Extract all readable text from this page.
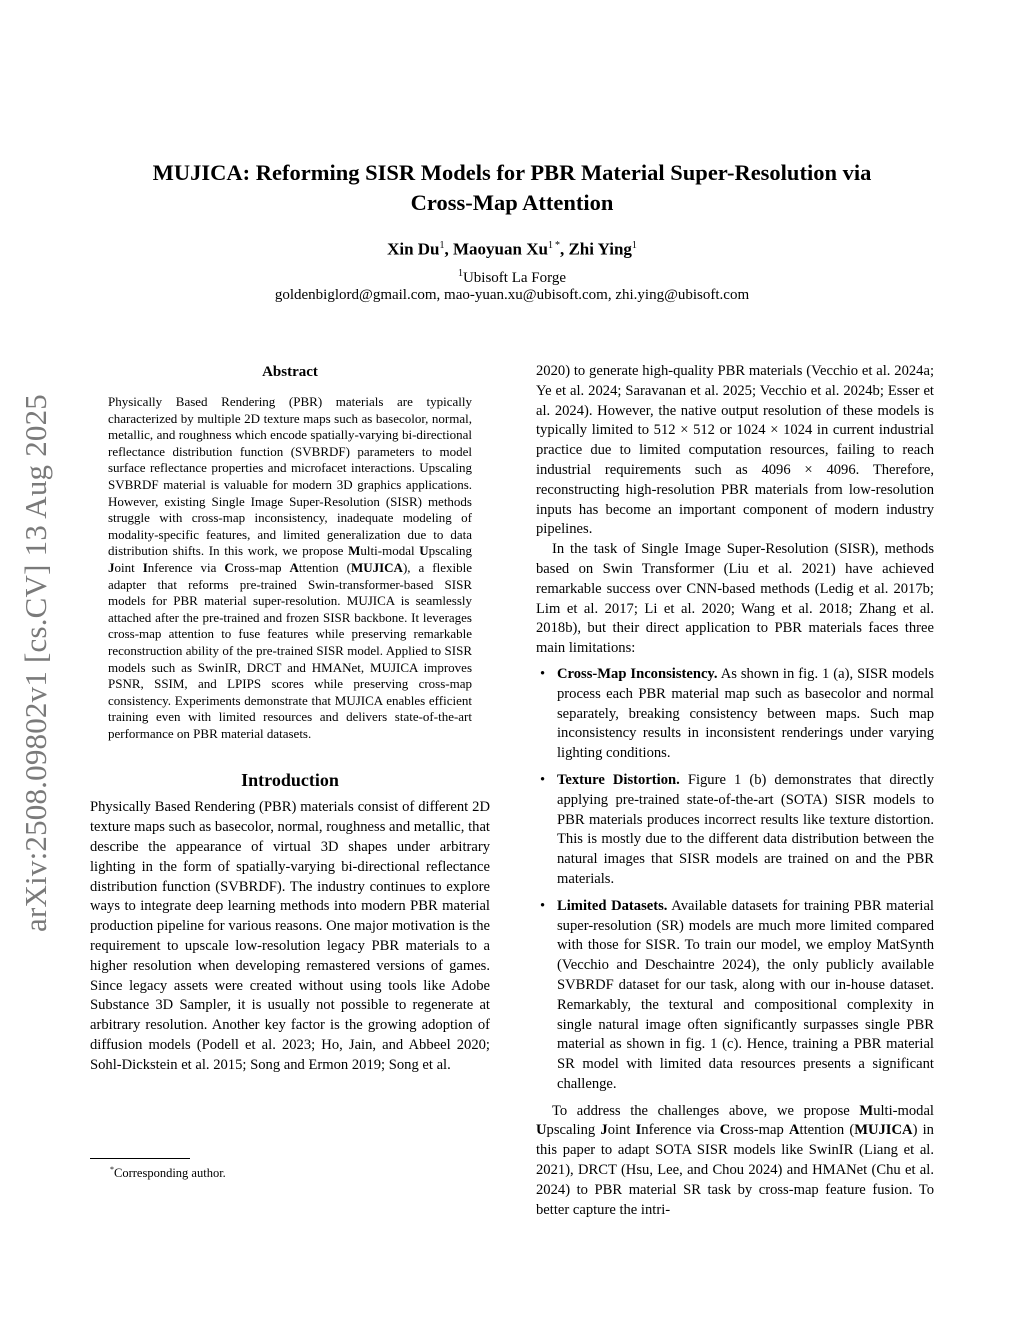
arXiv:2508.09802v1 [cs.CV] 13 Aug 2025
MUJICA: Reforming SISR Models for PBR Material Super-Resolution via
Cross-Map Attention
Xin Du$^1$, Maoyuan $Xu^{1 *}$, Zhi Ying$^1$
$^1$Ubisoft La Forge
goldenbiglord@gmail.com, mao-yuan.xu@ubisoft.com, zhi.ying@ubisoft.com
Abstract

Physically Based Rendering (PBR) materials are typically characterized by multiple 2D texture maps such as basecolor, normal, metallic, and roughness which encode spatially-varying bi-directional reflectance distribution function (SVBRDF) parameters to model surface reflectance properties and microfacet interactions. Upscaling SVBRDF material is valuable for modern 3D graphics applications. However, existing Single Image Super-Resolution (SISR) methods struggle with cross-map inconsistency, inadequate modeling of modality-specific features, and limited generalization due to data distribution shifts. In this work, we propose Multi-modal Upscaling Joint Inference via Cross-map Attention (MUJICA), a flexible adapter that reforms pre-trained Swin-transformer-based SISR models for PBR material super-resolution. MUJICA is seamlessly attached after the pre-trained and frozen SISR backbone. It leverages cross-map attention to fuse features while preserving remarkable reconstruction ability of the pre-trained SISR model. Applied to SISR models such as SwinIR, DRCT and HMANet, MUJICA improves PSNR, SSIM, and LPIPS scores while preserving cross-map consistency. Experiments demonstrate that MUJICA enables efficient training even with limited resources and delivers state-of-the-art performance on PBR material datasets.

Introduction

Physically Based Rendering (PBR) materials consist of different 2D texture maps such as basecolor, normal, roughness and metallic, that describe the appearance of virtual 3D shapes under arbitrary lighting in the form of spatially-varying bi-directional reflectance distribution function (SVBRDF). The industry continues to explore ways to integrate deep learning methods into modern PBR material production pipeline for various reasons. One major motivation is the requirement to upscale low-resolution legacy PBR materials to a higher resolution when developing remastered versions of games. Since legacy assets were created without using tools like Adobe Substance 3D Sampler, it is usually not possible to regenerate at arbitrary resolution. Another key factor is the growing adoption of diffusion models (Podell et al. 2023; Ho, Jain, and Abbeel 2020; Sohl-Dickstein et al. 2015; Song and Ermon 2019; Song et al.

2020) to generate high-quality PBR materials (Vecchio et al. 2024a; Ye et al. 2024; Saravanan et al. 2025; Vecchio et al. 2024b; Esser et al. 2024). However, the native output resolution of these models is typically limited to 512 × 512 or 1024 × 1024 in current industrial practice due to limited computation resources, failing to reach industrial requirements such as 4096 × 4096. Therefore, reconstructing high-resolution PBR materials from low-resolution inputs has become an important component of modern industry pipelines.

In the task of Single Image Super-Resolution (SISR), methods based on Swin Transformer (Liu et al. 2021) have achieved remarkable success over CNN-based methods (Ledig et al. 2017b; Lim et al. 2017; Li et al. 2020; Wang et al. 2018; Zhang et al. 2018b), but their direct application to PBR materials faces three main limitations:

• Cross-Map Inconsistency. As shown in fig. 1 (a), SISR models process each PBR material map such as basecolor and normal separately, breaking consistency between maps. Such map inconsistency results in inconsistent renderings under varying lighting conditions.
• Texture Distortion. Figure 1 (b) demonstrates that directly applying pre-trained state-of-the-art (SOTA) SISR models to PBR materials produces incorrect results like texture distortion. This is mostly due to the different data distribution between the natural images that SISR models are trained on and the PBR materials.
• Limited Datasets. Available datasets for training PBR material super-resolution (SR) models are much more limited compared with those for SISR. To train our model, we employ MatSynth (Vecchio and Deschaintre 2024), the only publicly available SVBRDF dataset for our task, along with our in-house dataset. Remarkably, the textural and compositional complexity in single natural image often significantly surpasses single PBR material as shown in fig. 1 (c). Hence, training a PBR material SR model with limited data resources presents a significant challenge.

To address the challenges above, we propose Multi-modal Upscaling Joint Inference via Cross-map Attention (MUJICA) in this paper to adapt SOTA SISR models like SwinIR (Liang et al. 2021), DRCT (Hsu, Lee, and Chou 2024) and HMANet (Chu et al. 2024) to PBR material SR task by cross-map feature fusion. To better capture the intri-

*Corresponding author.
